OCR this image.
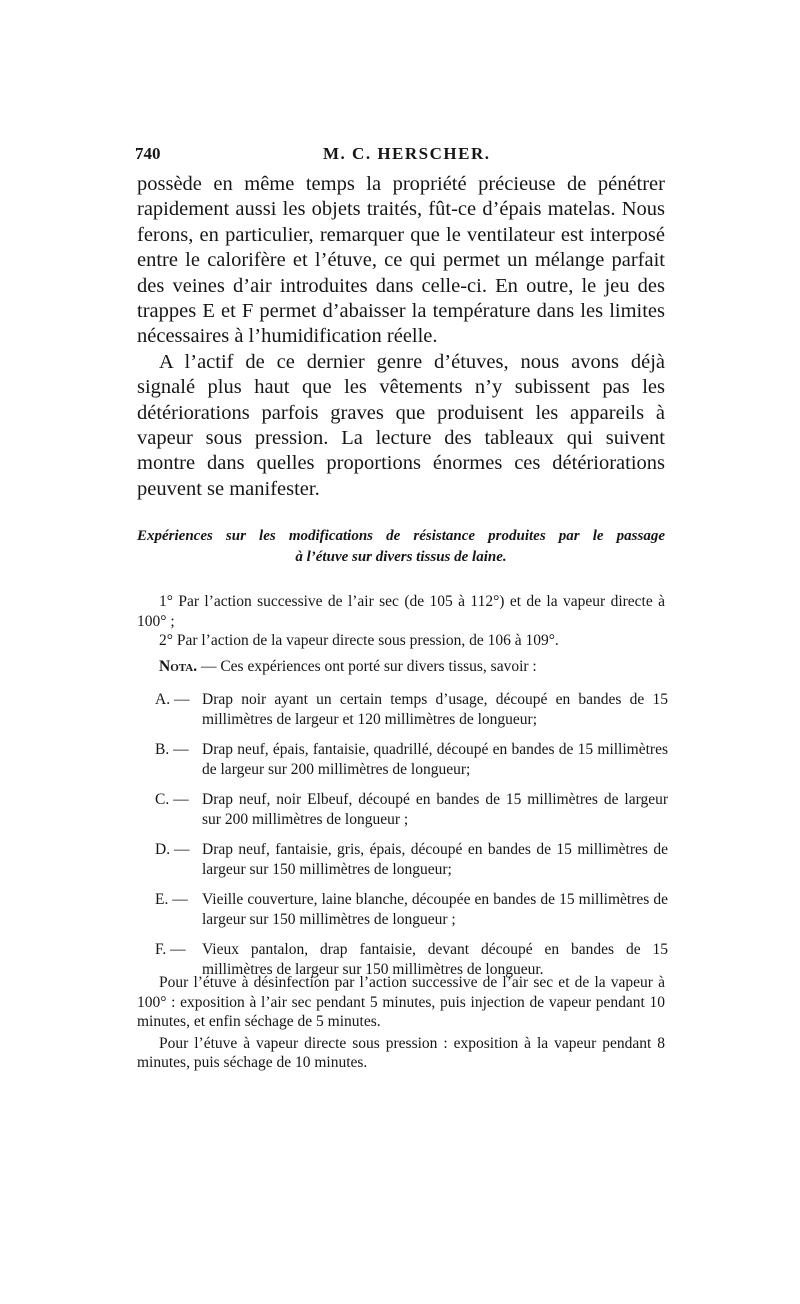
740	M. C. HERSCHER.

possède en même temps la propriété précieuse de pénétrer rapidement aussi les objets traités, fût-ce d’épais matelas. Nous ferons, en particulier, remarquer que le ventilateur est interposé entre le calorifère et l’étuve, ce qui permet un mélange parfait des veines d’air introduites dans celle-ci. En outre, le jeu des trappes E et F permet d’abaisser la température dans les limites nécessaires à l’humidification réelle.

A l’actif de ce dernier genre d’étuves, nous avons déjà signalé plus haut que les vêtements n’y subissent pas les détériorations parfois graves que produisent les appareils à vapeur sous pression. La lecture des tableaux qui suivent montre dans quelles proportions énormes ces détériorations peuvent se manifester.

Expériences sur les modifications de résistance produites par le passage

à l’étuve sur divers tissus de laine.

1° Par l’action successive de l’air sec (de 105 à 112°) et de la vapeur directe à 100° ;

2° Par l’action de la vapeur directe sous pression, de 106 à 109°.

Nota. — Ces expériences ont porté sur divers tissus, savoir :

A. — Drap noir ayant un certain temps d’usage, découpé en bandes de 15 millimètres de largeur et 120 millimètres de longueur;
B. — Drap neuf, épais, fantaisie, quadrillé, découpé en bandes de 15 millimètres de largeur sur 200 millimètres de longueur;
C. — Drap neuf, noir Elbeuf, découpé en bandes de 15 millimètres de largeur sur 200 millimètres de longueur ;
D. — Drap neuf, fantaisie, gris, épais, découpé en bandes de 15 millimètres de largeur sur 150 millimètres de longueur;
E. — Vieille couverture, laine blanche, découpée en bandes de 15 millimètres de largeur sur 150 millimètres de longueur ;
F. —	Vieux pantalon, drap fantaisie, devant découpé en bandes de 15 millimètres de largeur sur 150 millimètres de longueur.

Pour l’étuve à désinfection par l’action successive de l’air sec et de la vapeur à 100° : exposition à l’air sec pendant 5 minutes, puis injection de vapeur pendant 10 minutes, et enfin séchage de 5 minutes.

Pour l’étuve à vapeur directe sous pression : exposition à la vapeur pendant 8 minutes, puis séchage de 10 minutes.
